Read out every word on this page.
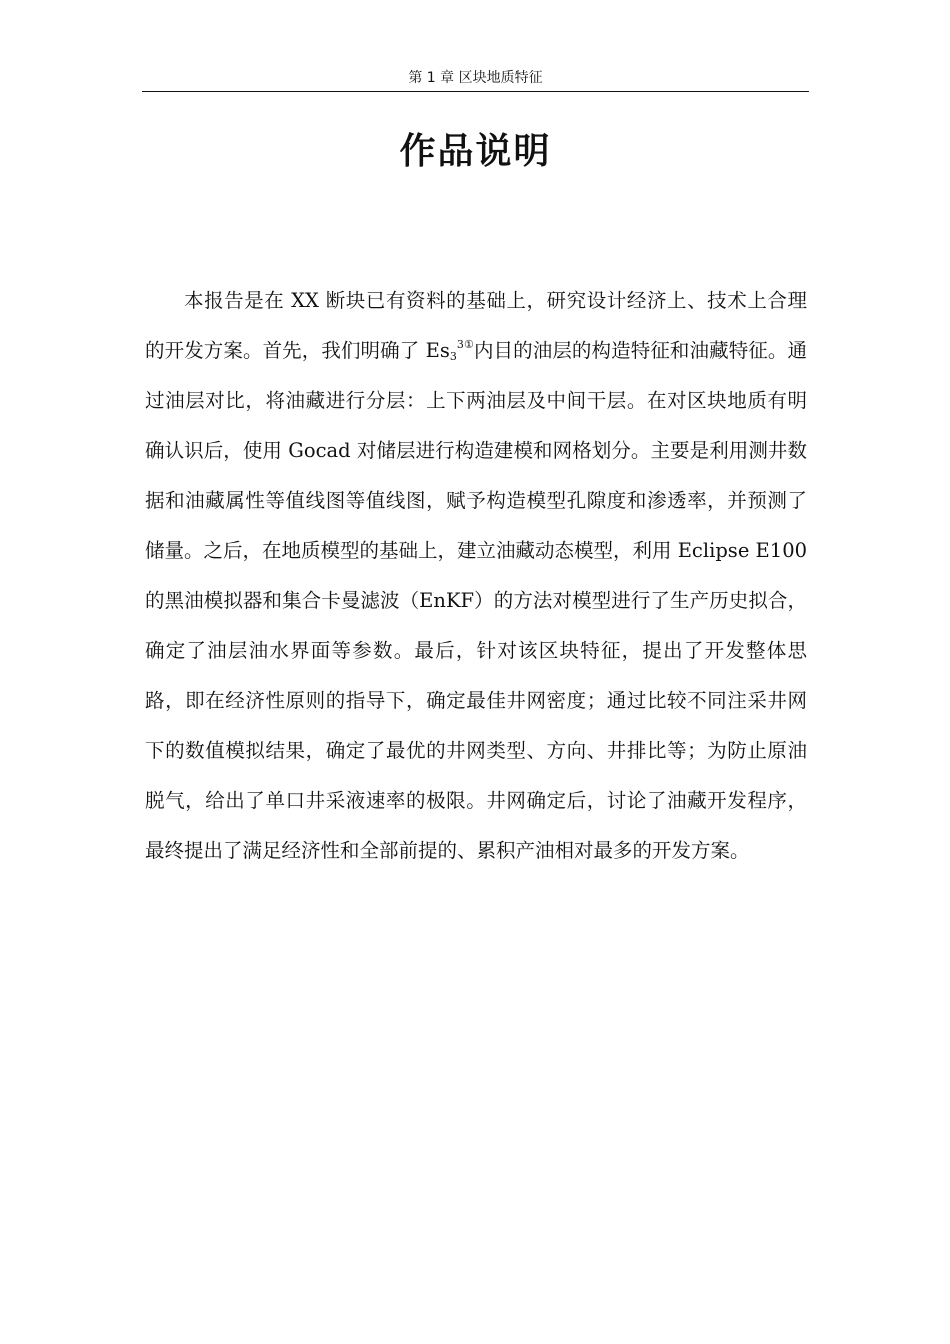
第 1 章 区块地质特征
作品说明

本报告是在 XX 断块已有资料的基础上，研究设计经济上、技术上合理的开发方案。首先，我们明确了 $Es_3^{3①}$内目的油层的构造特征和油藏特征。通过油层对比，将油藏进行分层：上下两油层及中间干层。在对区块地质有明确认识后，使用 Gocad 对储层进行构造建模和网格划分。主要是利用测井数据和油藏属性等值线图等值线图，赋予构造模型孔隙度和渗透率，并预测了储量。之后，在地质模型的基础上，建立油藏动态模型，利用 Eclipse E100 的黑油模拟器和集合卡曼滤波（EnKF）的方法对模型进行了生产历史拟合，确定了油层油水界面等参数。最后，针对该区块特征，提出了开发整体思路，即在经济性原则的指导下，确定最佳井网密度；通过比较不同注采井网下的数值模拟结果，确定了最优的井网类型、方向、井排比等；为防止原油脱气，给出了单口井采液速率的极限。井网确定后，讨论了油藏开发程序，最终提出了满足经济性和全部前提的、累积产油相对最多的开发方案。
